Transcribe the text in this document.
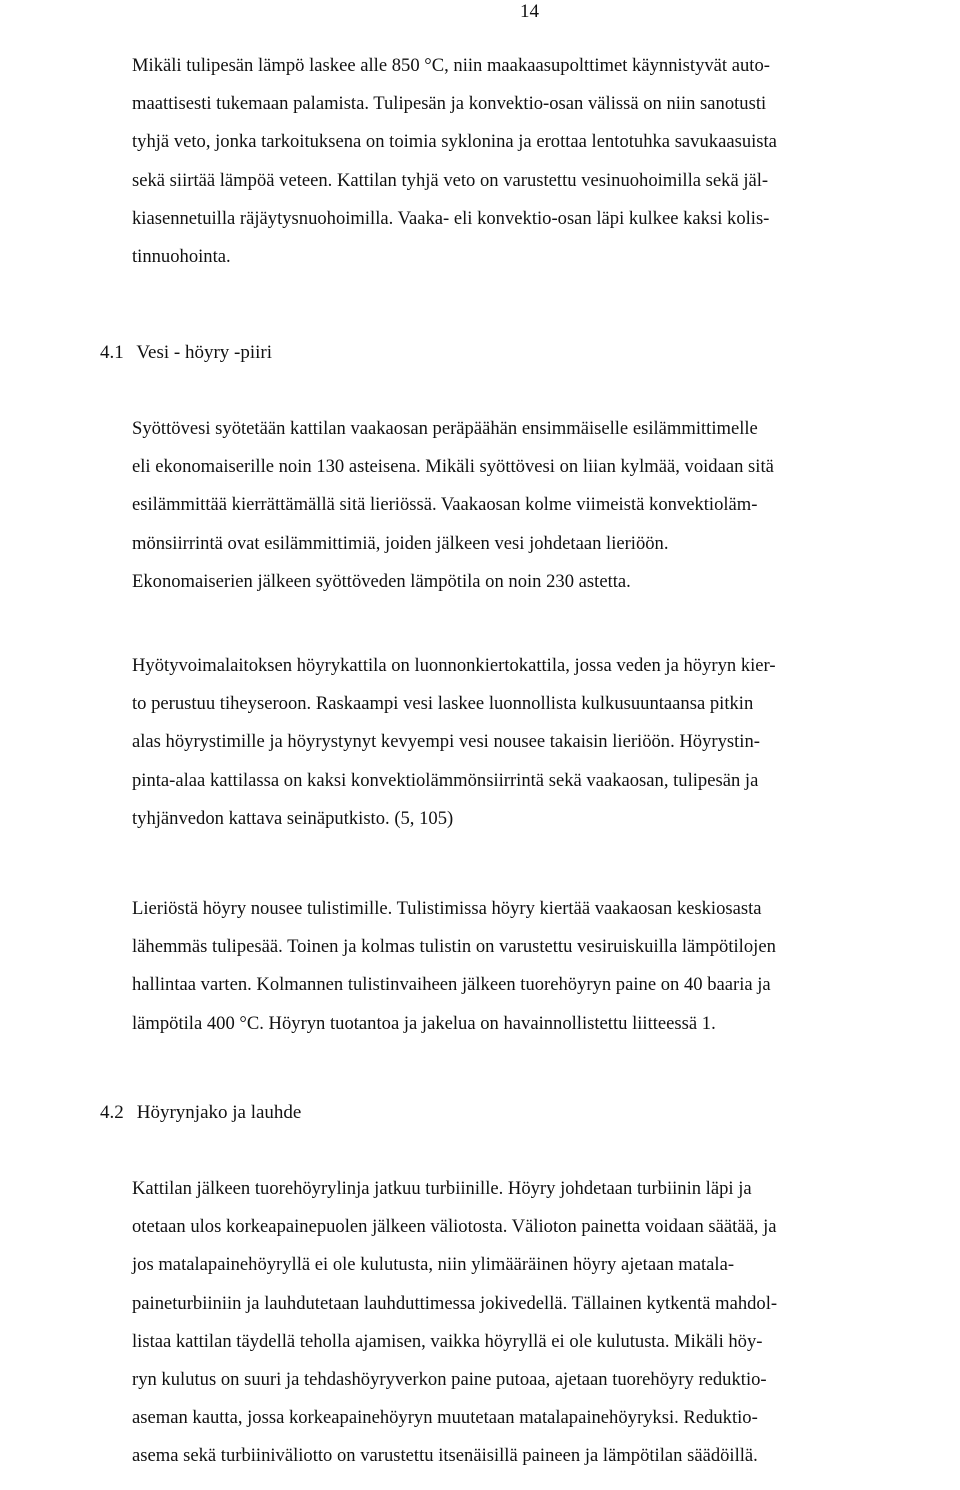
14

Mikäli tulipesän lämpö laskee alle 850 °C, niin maakaasupolttimet käynnistyvät auto-
maattisesti tukemaan palamista. Tulipesän ja konvektio-osan välissä on niin sanotusti
tyhjä veto, jonka tarkoituksena on toimia syklonina ja erottaa lentotuhka savukaasuista
sekä siirtää lämpöä veteen. Kattilan tyhjä veto on varustettu vesinuohoimilla sekä jäl-
kiasennetuilla räjäytysnuohoimilla. Vaaka- eli konvektio-osan läpi kulkee kaksi kolis-
tinnuohointa.

4.1 Vesi - höyry -piiri

Syöttövesi syötetään kattilan vaakaosan peräpäähän ensimmäiselle esilämmittimelle
eli ekonomaiserille noin 130 asteisena. Mikäli syöttövesi on liian kylmää, voidaan sitä
esilämmittää kierrättämällä sitä lieriössä. Vaakaosan kolme viimeistä konvektioläm-
mönsiirrintä ovat esilämmittimiä, joiden jälkeen vesi johdetaan lieriöön.
Ekonomaiserien jälkeen syöttöveden lämpötila on noin 230 astetta.

Hyötyvoimalaitoksen höyrykattila on luonnonkiertokattila, jossa veden ja höyryn kier-
to perustuu tiheyseroon. Raskaampi vesi laskee luonnollista kulkusuuntaansa pitkin
alas höyrystimille ja höyrystynyt kevyempi vesi nousee takaisin lieriöön. Höyrystin-
pinta-alaa kattilassa on kaksi konvektiolämmönsiirrintä sekä vaakaosan, tulipesän ja
tyhjänvedon kattava seinäputkisto. (5, 105)

Lieriöstä höyry nousee tulistimille. Tulistimissa höyry kiertää vaakaosan keskiosasta
lähemmäs tulipesää. Toinen ja kolmas tulistin on varustettu vesiruiskuilla lämpötilojen
hallintaa varten. Kolmannen tulistinvaiheen jälkeen tuorehöyryn paine on 40 baaria ja
lämpötila 400 °C. Höyryn tuotantoa ja jakelua on havainnollistettu liitteessä 1.

4.2 Höyrynjako ja lauhde

Kattilan jälkeen tuorehöyrylinja jatkuu turbiinille. Höyry johdetaan turbiinin läpi ja
otetaan ulos korkeapainepuolen jälkeen väliotosta. Välioton painetta voidaan säätää, ja
jos matalapainehöyryllä ei ole kulutusta, niin ylimääräinen höyry ajetaan matala-
paineturbiiniin ja lauhdutetaan lauhduttimessa jokivedellä. Tällainen kytkentä mahdol-
listaa kattilan täydellä teholla ajamisen, vaikka höyryllä ei ole kulutusta. Mikäli höy-
ryn kulutus on suuri ja tehdashöyryverkon paine putoaa, ajetaan tuorehöyry reduktio-
aseman kautta, jossa korkeapainehöyryn muutetaan matalapainehöyryksi. Reduktio-
asema sekä turbiiniväliotto on varustettu itsenäisillä paineen ja lämpötilan säädöillä.
